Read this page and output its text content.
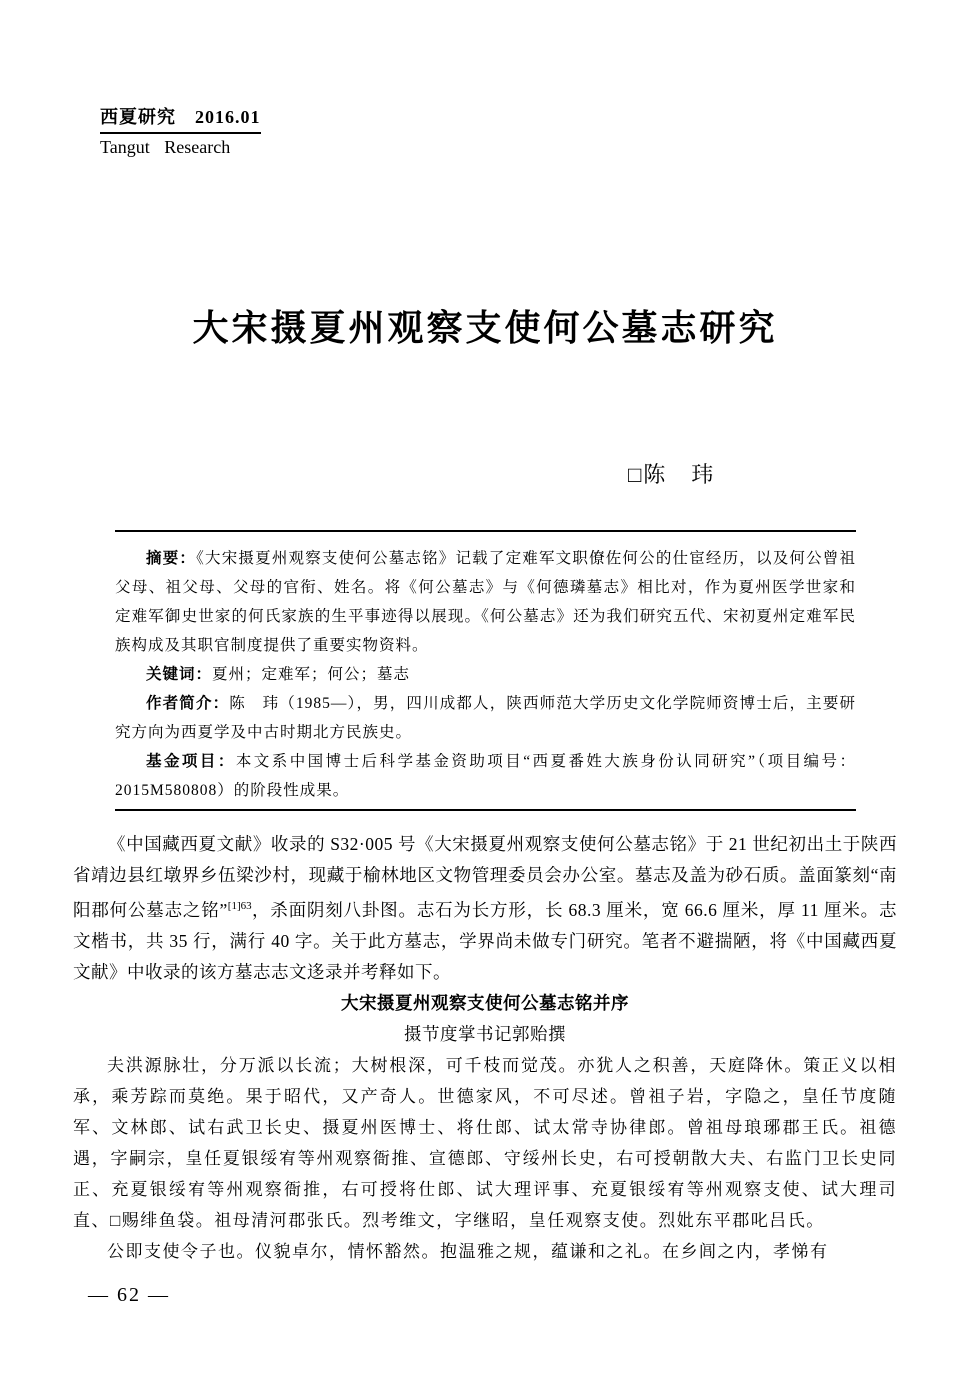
西夏研究　2016.01
Tangut Research
大宋摄夏州观察支使何公墓志研究
□陈　玮

摘要：《大宋摄夏州观察支使何公墓志铭》记载了定难军文职僚佐何公的仕宦经历，以及何公曾祖父母、祖父母、父母的官衔、姓名。将《何公墓志》与《何德璘墓志》相比对，作为夏州医学世家和定难军御史世家的何氏家族的生平事迹得以展现。《何公墓志》还为我们研究五代、宋初夏州定难军民族构成及其职官制度提供了重要实物资料。

关键词：夏州；定难军；何公；墓志

作者简介：陈　玮（1985—），男，四川成都人，陕西师范大学历史文化学院师资博士后，主要研究方向为西夏学及中古时期北方民族史。

基金项目：本文系中国博士后科学基金资助项目“西夏番姓大族身份认同研究”（项目编号：2015M580808）的阶段性成果。

《中国藏西夏文献》收录的 S32·005 号《大宋摄夏州观察支使何公墓志铭》于 21 世纪初出土于陕西省靖边县红墩界乡伍梁沙村，现藏于榆林地区文物管理委员会办公室。墓志及盖为砂石质。盖面篆刻“南阳郡何公墓志之铭”$^{[1]63}$，杀面阴刻八卦图。志石为长方形，长 68.3 厘米，宽 66.6 厘米，厚 11 厘米。志文楷书，共 35 行，满行 40 字。关于此方墓志，学界尚未做专门研究。笔者不避揣陋，将《中国藏西夏文献》中收录的该方墓志志文迻录并考释如下。

大宋摄夏州观察支使何公墓志铭并序

摄节度掌书记郭贻撰

夫洪源脉壮，分万派以长流；大树根深，可千枝而觉茂。亦犹人之积善，天庭降休。策正义以相承，乘芳踪而莫绝。果于昭代，又产奇人。世德家风，不可尽述。曾祖子岩，字隐之，皇任节度随军、文林郎、试右武卫长史、摄夏州医博士、将仕郎、试太常寺协律郎。曾祖母琅琊郡王氏。祖德遇，字嗣宗，皇任夏银绥宥等州观察衙推、宣德郎、守绥州长史，右可授朝散大夫、右监门卫长史同正、充夏银绥宥等州观察衙推，右可授将仕郎、试大理评事、充夏银绥宥等州观察支使、试大理司直、□赐绯鱼袋。祖母清河郡张氏。烈考维文，字继昭，皇任观察支使。烈妣东平郡叱吕氏。

公即支使令子也。仪貌卓尔，情怀豁然。抱温雅之规，蕴谦和之礼。在乡闾之内，孝悌有

— 62 —
